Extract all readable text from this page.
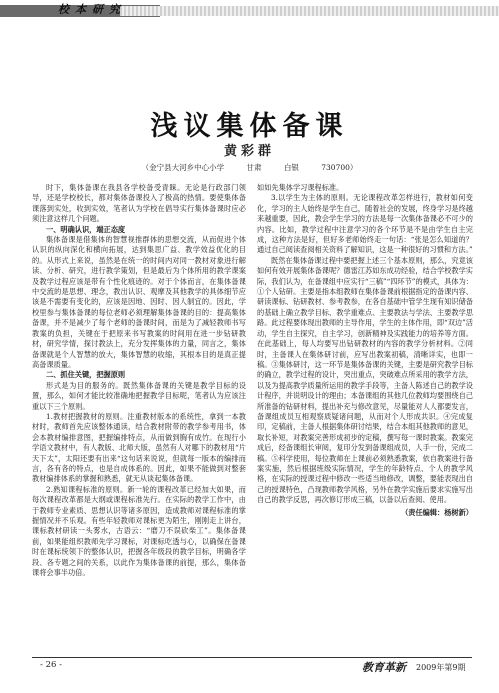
校本研究
浅议集体备课
黄彩群
（金宁县大河乡中心小学	甘肃	白银	730700）

时下，集体备课在我县各学校备受青睐。无论是行政部门领导，还是学校校长，都对集体备课投入了极高的热情。要使集体备课落到实处，收到实效，笔者认为学校在倡导实行集体备课时应必须注意这样几个问题。

一、明确认识，端正态度

集体备课是借集体的智慧视推群体的思想交流，从而促进个体认识的纵向深化和横向拓展，达到集思广益、教学效益优化的目的。从形式上来说，虽然是在统一的时间内对同一教材对象进行解读、分析、研究，进行教学策划，但是最后为个体所用的教学课案及教学过程应该是带有个性化痕迹的。对于个体而言，在集体备课中交流的是思想、理念，教出认识、观摩及其他教学的具体细节应该是不需要有变化的，应该是因地、因时、因人制宜的。因此，学校里参与集体备课的每位老师必须理解集体备课的目的：提高集体备课，并不是减少了每个老师的备课时间，而是为了减轻教师书写教案的负担，关键在于把原来书写教案的时间用在进一步钻研教材，研究学情，探讨教法上，充分发挥集体的力量，同言之，集体备课就是个人智慧的放大，集体智慧的收缩，其根本目的是真正提高备课质量。

二、抓住关键，把握原则

形式是为目的服务的。既然集体备课的关键是教学目标的设置，那么，如何才能比较准确地把握教学目标呢，笔者认为应该注重以下三个原则。

1.教材把握教材的原则。注重教材版本的系统性，拿到一本教材时，教师首先应该整体通读，结合教材附带的教学参考用书，体会本教材编排意图，把握编排特点，从而做到胸有成竹。在现行小学语文教材中，有人教版、北师大版，虽然有人对哪下的教材用“片天下太”，太阳还要有出来“这句话来说说，但就每一版本的编排而言，各有各的特点，也是自成体系的。因此，如果不能做到对整套教材编排体系的掌握和熟悉，就无从谈起集体备课。

2.熟知课程标准的原则。新一轮的课程改革已经加大如果，而每次课程改革都是大纲或课程标准先行。在实际的教学工作中，由于教师专业素质、思想认识等诸多原因，造成教师对课程标准的掌握情况并不乐观。有些年轻教师对课标更为陌生，刚刚走上讲台，课标教材研读一头雾水，古语云：“磨刀不误砍柴工”。集体备课前，如果能组织教师先学习课标，对课标吃透与心，以确保在备课时在课标统领下的整体认识，把握各年级段的教学目标，明确各学段、各专题之间的关系，以此作为集体备课的前提，那么，集体备课将会事半功倍。

如如先集体学习课程标准。

3.以学生为主体的原则。无论课程改革怎样进行，教材如何变化，学习的主人始终是学生自己，随着社会的发展，终身学习是终越来越重要，因此，教会学生学习的方法是每一次集体备课必不可少的内容。比如，教学过程中注意学习的各个环节是不是由学生自主完成，这种方法是好，但好多老师始终走一句话：“张是怎么知道的？通过自己阅读查阅相关资料了解知识，这是一种很好的习惯和方法。”

既然在集体备课过程中要把握上述三个基本原则，那么，究竟该如何有效开展集体备课呢？德雷江苏如东成功经验，结合学校教学实际，我们认为，在备课组中应实行“三稿”“四环节”的模式，具体为：①个人钻研。主要是指本组教师在集体备课前根据指定的备课内容、研读课标、钻研教材、参考教参，在各自基础中管学生现有知识储备的基础上确立教学目标、教学重难点、主要教法与学法、主要教学思路。此过程要体现出教师的主导作用，学生的主体作用，即“双边”活动，学生自主探究，自主学习，创新精神及实践能力的培养等方面。在此基础上，每人均要写出钻研教材的内容的教学分析材料。②同时，主备课人在集体研讨前，应写出教案初稿，清晰详实，也即一稿。③集体研讨，这一环节是集体备课的关键，主要是研究教学目标的确立，教学过程的设计，突出重点，突破难点所采用的教学方法，以及为提高教学质量所运用的教学手段等，主备人陈述自己的教学设计程序，并说明设计的理由；本备课组的其他几位教师均要围绕自己所准备的钻研材料，提出补充与修改意见，尽量能对人人都要发言，备课组成员互相观察质疑诸问题，从而对个人形成共识。④完成复印，定稿前，主备人根据集体研讨结果，结合本组其他教师的意见，取长补短，对教案完善形成初步的定稿，撰写每一课时教案。教案完成后，经备课组长审阅，复印分发到备课组成员，人手一份，完成二稿。⑤科学使用，每位教师在上课前必须熟悉教案，依自教案进行备案实施，然后根据班级实际情况，学生的年龄特点、个人的教学风格，在实际的授课过程中修改一些适当地修改，调整，要能表现出自己的授课特色，凸现教师教学风格，另外在教学实施后要求实施写出自己的教学反思，再次修订形成三稿，以备以后查阅、使用。

（责任编辑：杨树新）
- 26 -	教育革新 2009年第9期
